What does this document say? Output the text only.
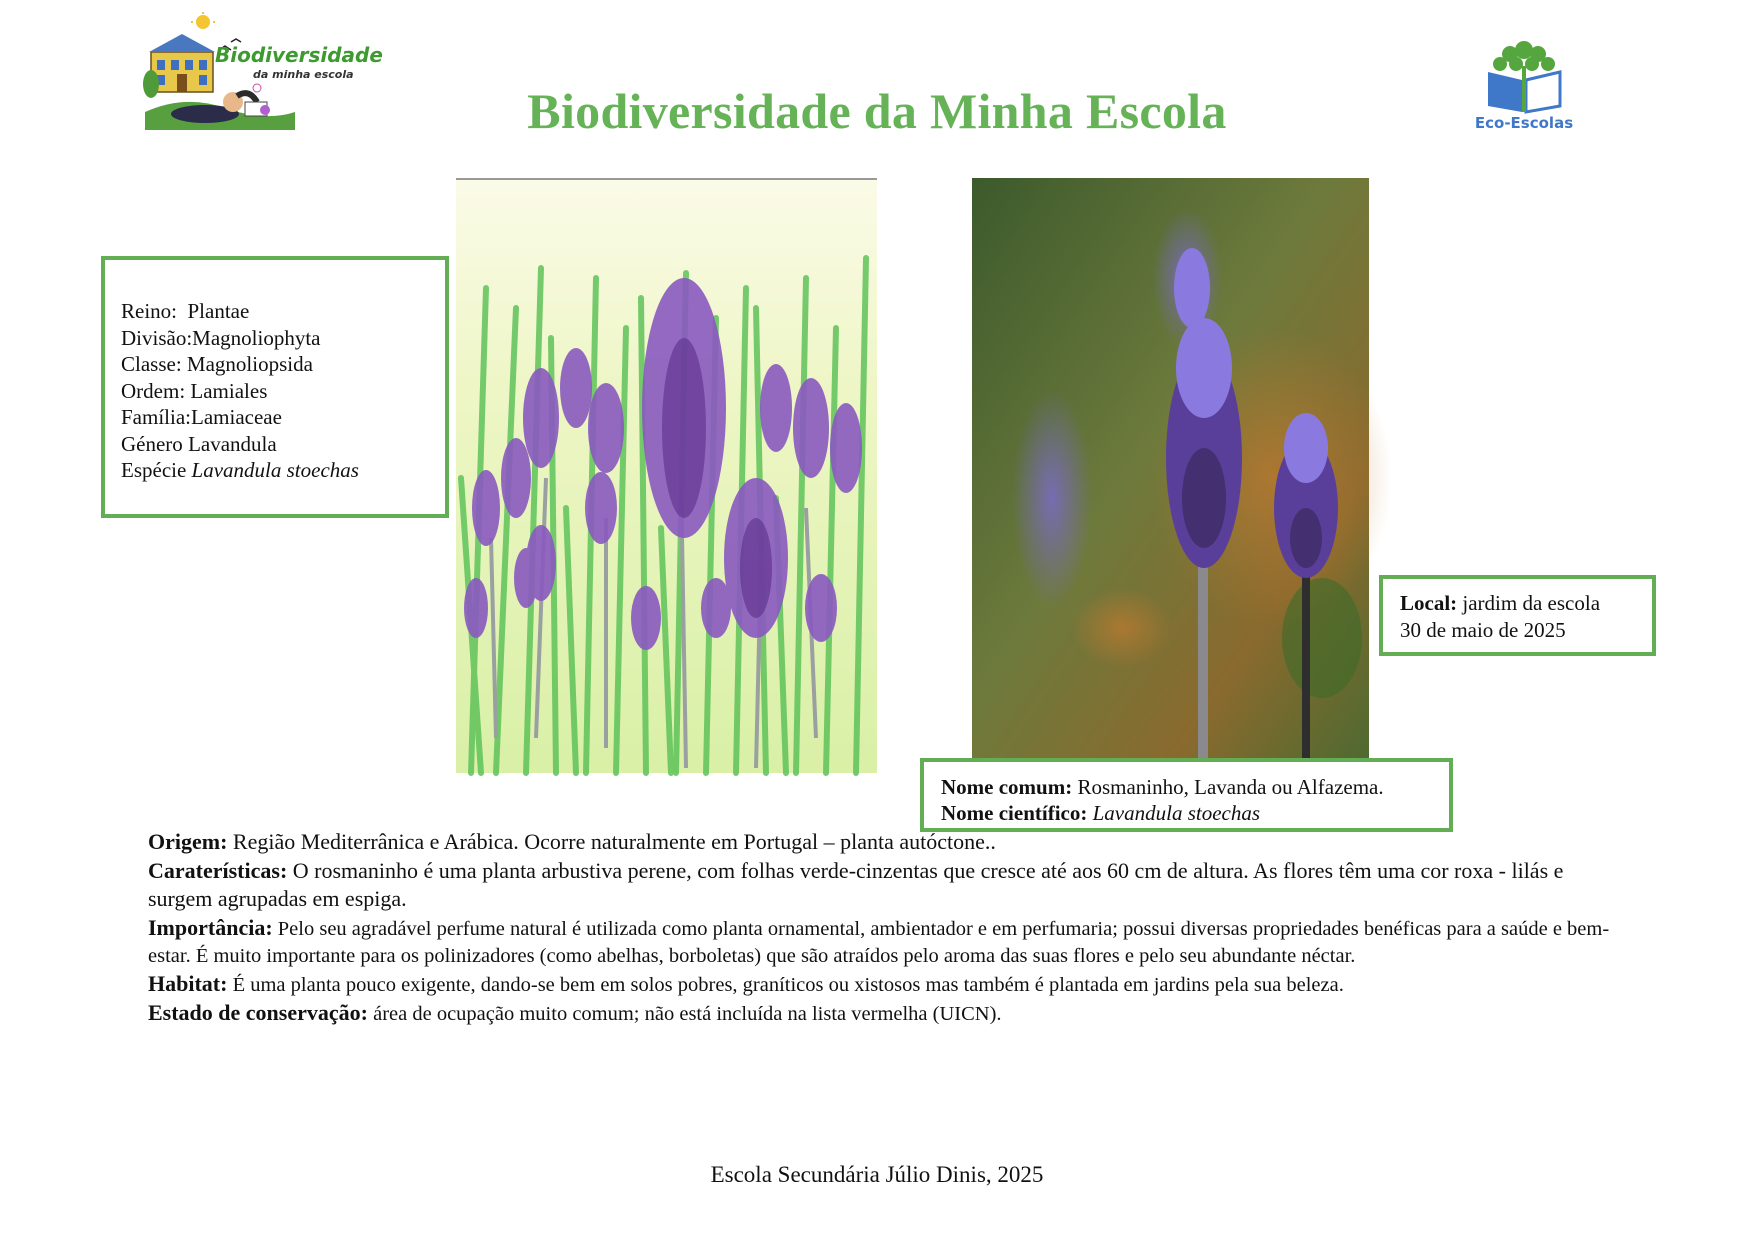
Biodiversidade
da minha escola
Eco-Escolas
Biodiversidade da Minha Escola
Reino: Plantae
Divisão:Magnoliophyta
Classe: Magnoliopsida
Ordem: Lamiales
Família:Lamiaceae
Género Lavandula
Espécie Lavandula stoechas
Nome comum: Rosmaninho, Lavanda ou Alfazema.
Nome científico: Lavandula stoechas
Local: jardim da escola
30 de maio de 2025
Origem: Região Mediterrânica e Arábica. Ocorre naturalmente em Portugal – planta autóctone..
Caraterísticas: O rosmaninho é uma planta arbustiva perene, com folhas verde-cinzentas que cresce até aos 60 cm de altura. As flores têm uma cor roxa - lilás e surgem agrupadas em espiga.
Importância: Pelo seu agradável perfume natural é utilizada como planta ornamental, ambientador e em perfumaria; possui diversas propriedades benéficas para a saúde e bem-estar. É muito importante para os polinizadores (como abelhas, borboletas) que são atraídos pelo aroma das suas flores e pelo seu abundante néctar.
Habitat: É uma planta pouco exigente, dando-se bem em solos pobres, graníticos ou xistosos mas também é plantada em jardins pela sua beleza.
Estado de conservação: área de ocupação muito comum; não está incluída na lista vermelha (UICN).
Escola Secundária Júlio Dinis, 2025
